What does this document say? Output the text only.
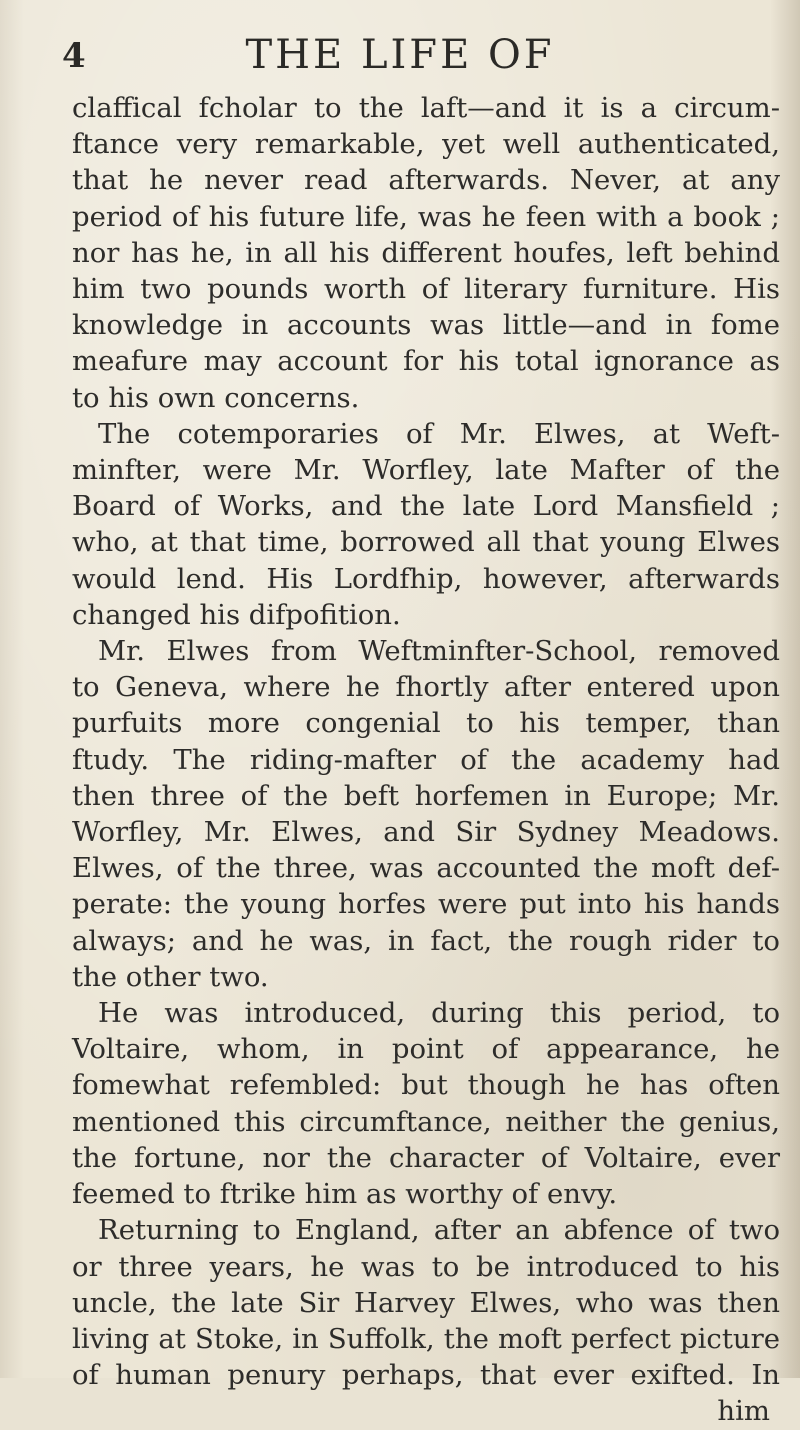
4	THE LIFE OF
claffical fcholar to the laft—and it is a circum-
ftance very remarkable, yet well authenticated,
that he never read afterwards. Never, at any
period of his future life, was he feen with a book ;
nor has he, in all his different houfes, left behind
him two pounds worth of literary furniture. His
knowledge in accounts was little—and in fome
meafure may account for his total ignorance as
to his own concerns.
The cotemporaries of Mr. Elwes, at Weft-
minfter, were Mr. Worfley, late Mafter of the
Board of Works, and the late Lord Mansfield ;
who, at that time, borrowed all that young Elwes
would lend. His Lordfhip, however, afterwards
changed his difpofition.
Mr. Elwes from Weftminfter-School, removed
to Geneva, where he fhortly after entered upon
purfuits more congenial to his temper, than
ftudy. The riding-mafter of the academy had
then three of the beft horfemen in Europe; Mr.
Worfley, Mr. Elwes, and Sir Sydney Meadows.
Elwes, of the three, was accounted the moft def-
perate: the young horfes were put into his hands
always; and he was, in fact, the rough rider to
the other two.
He was introduced, during this period, to
Voltaire, whom, in point of appearance, he
fomewhat refembled: but though he has often
mentioned this circumftance, neither the genius,
the fortune, nor the character of Voltaire, ever
feemed to ftrike him as worthy of envy.
Returning to England, after an abfence of two
or three years, he was to be introduced to his
uncle, the late Sir Harvey Elwes, who was then
living at Stoke, in Suffolk, the moft perfect picture
of human penury perhaps, that ever exifted. In
him
